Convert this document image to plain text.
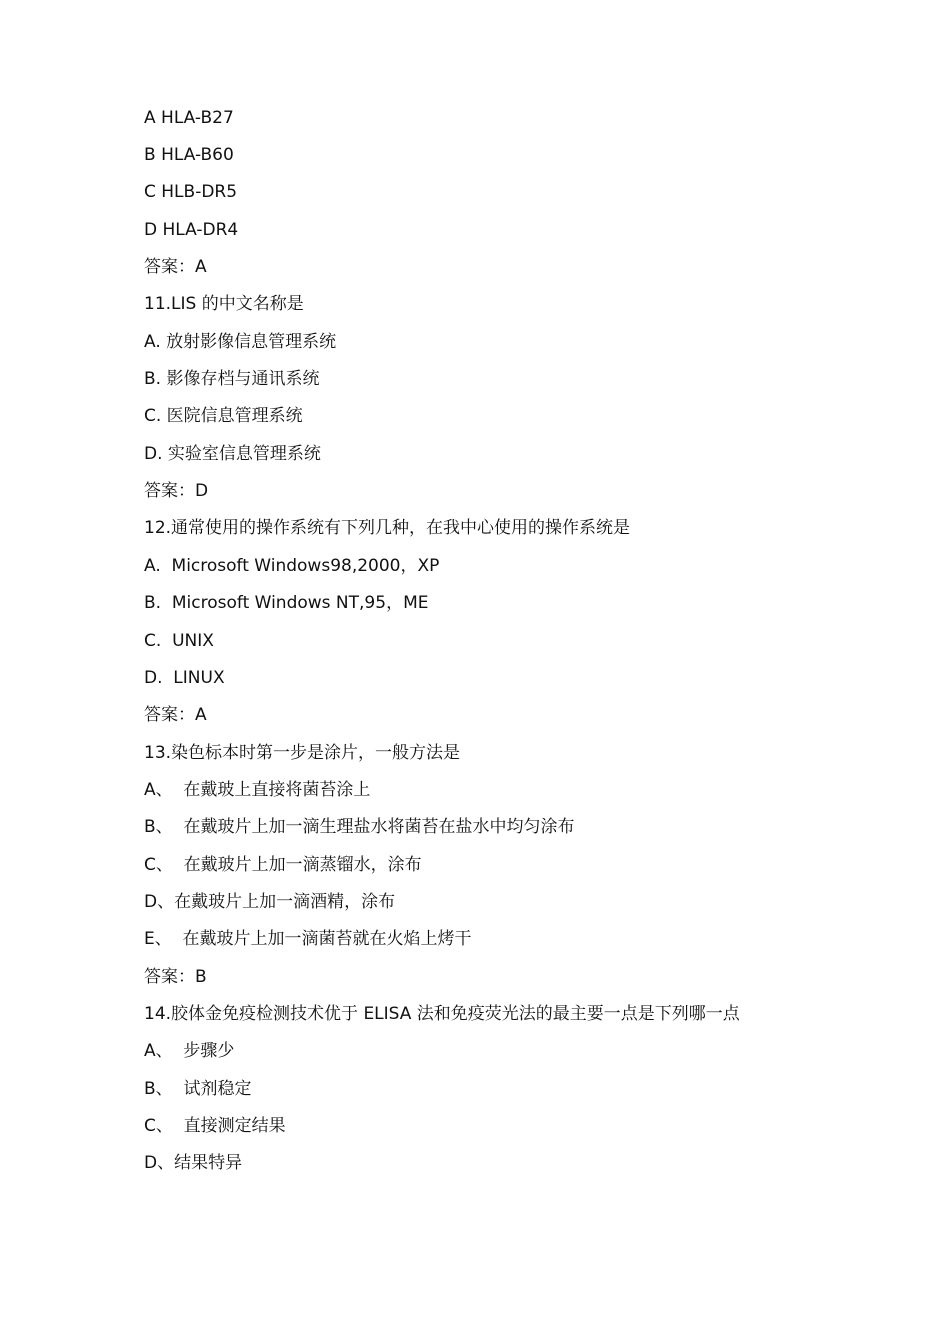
A HLA-B27
B HLA-B60
C HLB-DR5
D HLA-DR4
答案：A
11.LIS 的中文名称是
A. 放射影像信息管理系统
B. 影像存档与通讯系统
C. 医院信息管理系统
D. 实验室信息管理系统
答案：D
12.通常使用的操作系统有下列几种，在我中心使用的操作系统是
A.  Microsoft Windows98,2000，XP
B.  Microsoft Windows NT,95，ME
C.  UNIX
D.  LINUX
答案：A
13.染色标本时第一步是涂片，一般方法是
A、  在戴玻上直接将菌苔涂上
B、  在戴玻片上加一滴生理盐水将菌苔在盐水中均匀涂布
C、  在戴玻片上加一滴蒸镏水，涂布
D、在戴玻片上加一滴酒精，涂布
E、  在戴玻片上加一滴菌苔就在火焰上烤干
答案：B
14.胶体金免疫检测技术优于 ELISA 法和免疫荧光法的最主要一点是下列哪一点
A、  步骤少
B、  试剂稳定
C、  直接测定结果
D、结果特异
